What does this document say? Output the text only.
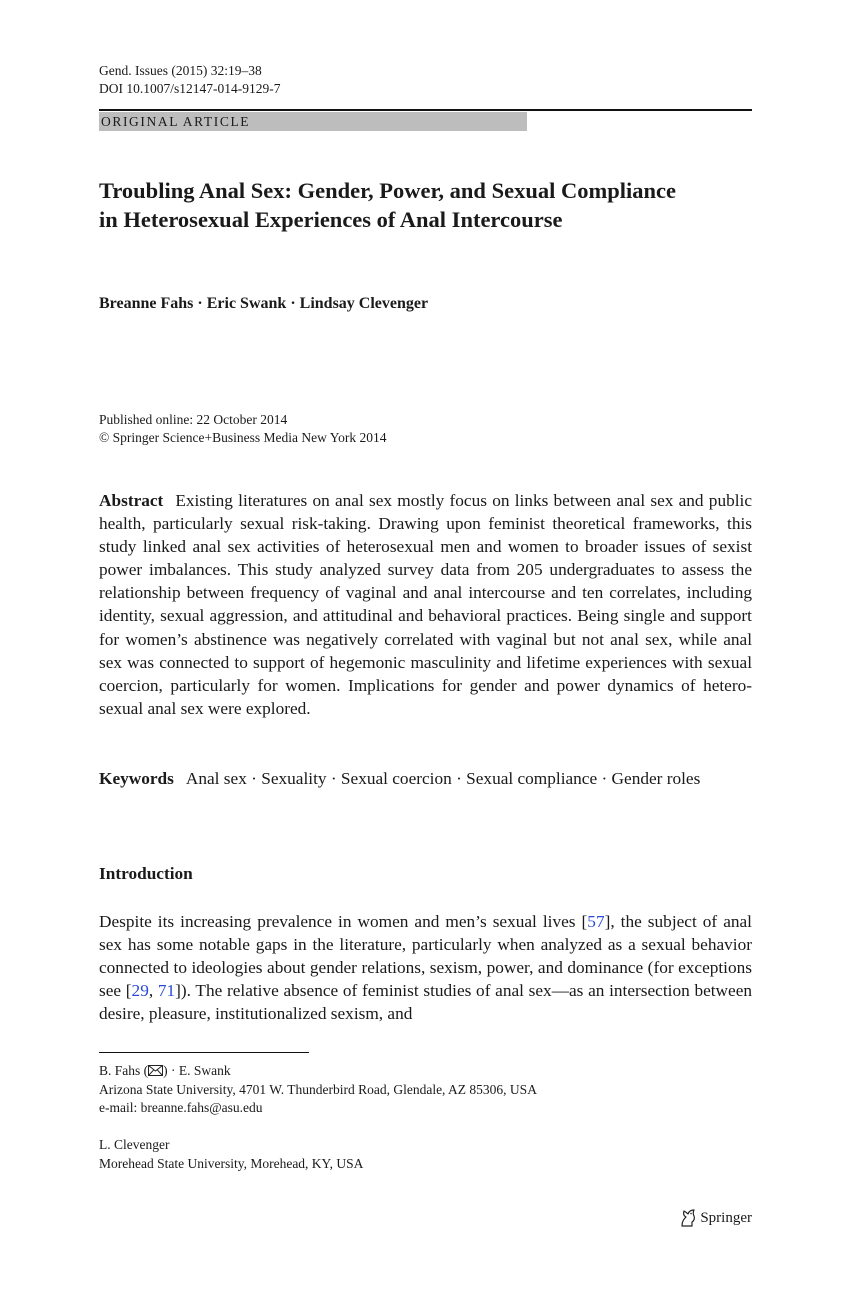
Gend. Issues (2015) 32:19–38
DOI 10.1007/s12147-014-9129-7
ORIGINAL ARTICLE
Troubling Anal Sex: Gender, Power, and Sexual Compliance in Heterosexual Experiences of Anal Intercourse
Breanne Fahs · Eric Swank · Lindsay Clevenger
Published online: 22 October 2014
© Springer Science+Business Media New York 2014

Abstract Existing literatures on anal sex mostly focus on links between anal sex and public health, particularly sexual risk-taking. Drawing upon feminist theoretical frameworks, this study linked anal sex activities of heterosexual men and women to broader issues of sexist power imbalances. This study analyzed survey data from 205 undergraduates to assess the relationship between frequency of vaginal and anal intercourse and ten correlates, including identity, sexual aggression, and attitudinal and behavioral practices. Being single and support for women’s abstinence was negatively correlated with vaginal but not anal sex, while anal sex was connected to support of hegemonic masculinity and lifetime experiences with sexual coercion, particularly for women. Implications for gender and power dynamics of hetero-sexual anal sex were explored.

Keywords Anal sex · Sexuality · Sexual coercion · Sexual compliance · Gender roles

Introduction

Despite its increasing prevalence in women and men’s sexual lives [57], the subject of anal sex has some notable gaps in the literature, particularly when analyzed as a sexual behavior connected to ideologies about gender relations, sexism, power, and dominance (for exceptions see [29, 71]). The relative absence of feminist studies of anal sex—as an intersection between desire, pleasure, institutionalized sexism, and

B. Fahs ( ) · E. Swank
Arizona State University, 4701 W. Thunderbird Road, Glendale, AZ 85306, USA
e-mail: breanne.fahs@asu.edu
L. Clevenger
Morehead State University, Morehead, KY, USA
Springer
